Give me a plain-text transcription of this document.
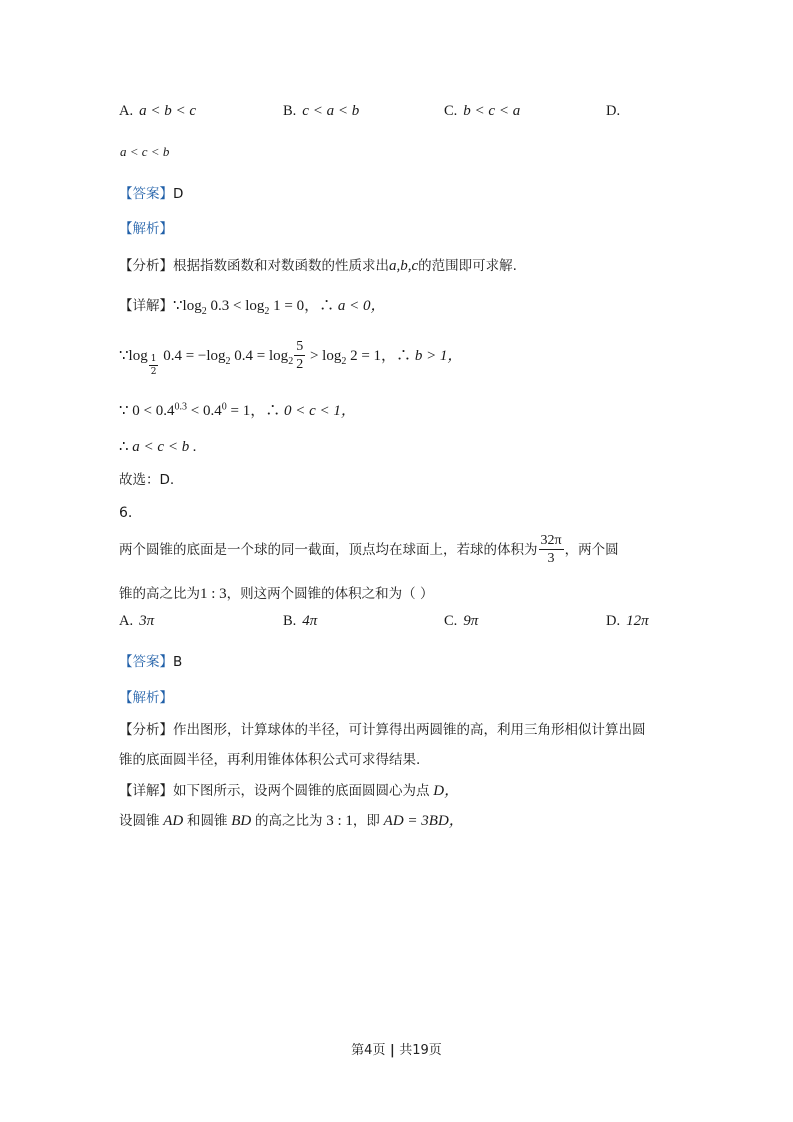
A. a < b < c	B. c < a < b	C. b < c < a	D.
a < c < b
【答案】D
【解析】
【分析】根据指数函数和对数函数的性质求出a,b,c的范围即可求解.
【详解】$\because\log_2$ $0.3 < \log_2 1 = 0$，∴ a < 0，
∵log $\frac{1}{2} 0.4 = -\log_2$ $0.4 = \log_2 \frac{5}{2} > \log_2 2 = 1$，∴ b > 1，
∵ $0 < 0.4^{0.3} < 0.4^0 = 1$，∴ 0 < c < 1，
∴ a < c < b .
故选：D.
6.
两个圆锥的底面是一个球的同一截面，顶点均在球面上，若球的体积为 $\frac{32\pi}{3}$ ，两个圆
锥的高之比为1 : 3，则这两个圆锥的体积之和为（ ）
A. 3π	B. 4π	C. 9π	D. 12π
【答案】B
【解析】
【分析】作出图形，计算球体的半径，可计算得出两圆锥的高，利用三角形相似计算出圆
锥的底面圆半径，再利用锥体体积公式可求得结果.
【详解】如下图所示，设两个圆锥的底面圆圆心为点 D，
设圆锥 AD 和圆锥 BD 的高之比为 3 : 1，即 AD = 3BD，
第4页 | 共19页
